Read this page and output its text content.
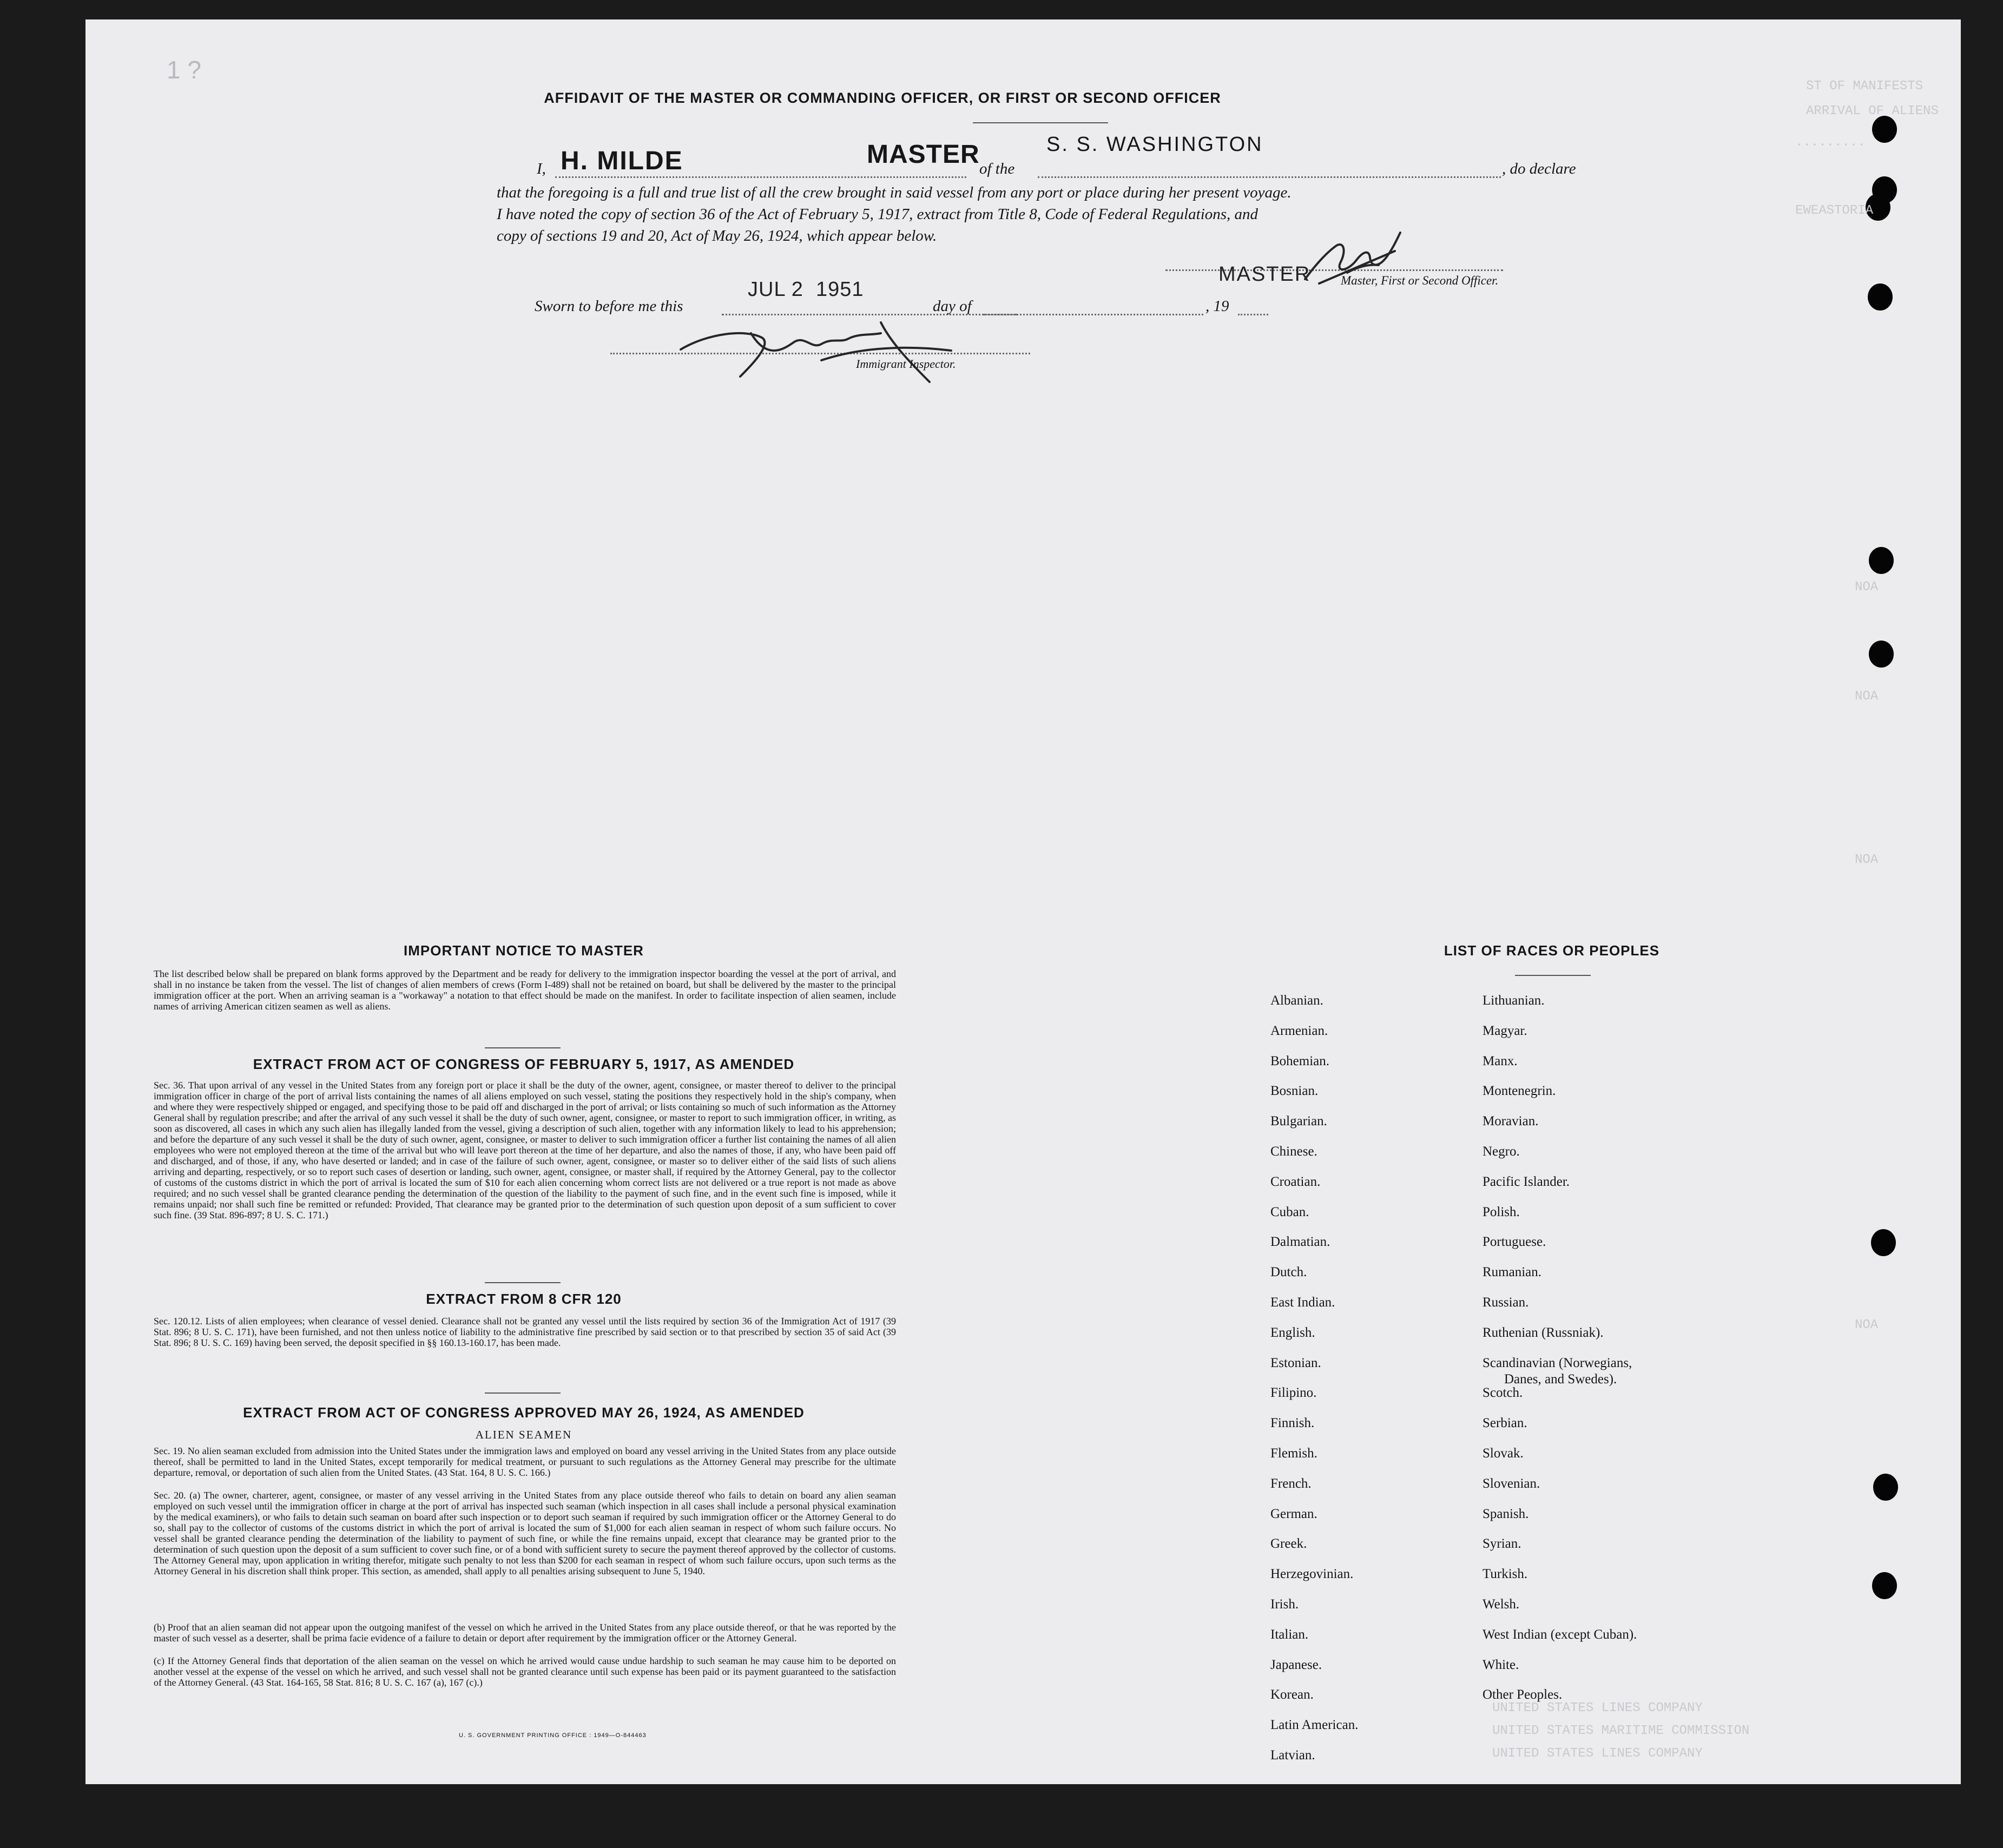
ST OF MANIFESTS
ARRIVAL OF ALIENS
.........
EWEASTORIA
NOA
NOA
NOA
NOA
UNITED STATES LINES COMPANY
UNITED STATES MARITIME COMMISSION
UNITED STATES LINES COMPANY
1 ?
AFFIDAVIT OF THE MASTER OR COMMANDING OFFICER, OR FIRST OR SECOND OFFICER
I, H. MILDE	MASTER of the
S. S. WASHINGTON
, do declare
that the foregoing is a full and true list of all the crew brought in said vessel from any port or place during her present voyage.
I have noted the copy of section 36 of the Act of February 5, 1917, extract from Title 8, Code of Federal Regulations, and
copy of sections 19 and 20, Act of May 26, 1924, which appear below.
MASTER Master, First or Second Officer.
Sworn to before me this
JUL 2  1951
day of	, 19
Immigrant Inspector.
IMPORTANT NOTICE TO MASTER
The list described below shall be prepared on blank forms approved by the Department and be ready for delivery to the immigration inspector boarding the vessel at the port of arrival, and shall in no instance be taken from the vessel. The list of changes of alien members of crews (Form I-489) shall not be retained on board, but shall be delivered by the master to the principal immigration officer at the port. When an arriving seaman is a "workaway" a notation to that effect should be made on the manifest. In order to facilitate inspection of alien seamen, include names of arriving American citizen seamen as well as aliens.
EXTRACT FROM ACT OF CONGRESS OF FEBRUARY 5, 1917, AS AMENDED
Sec. 36. That upon arrival of any vessel in the United States from any foreign port or place it shall be the duty of the owner, agent, consignee, or master thereof to deliver to the principal immigration officer in charge of the port of arrival lists containing the names of all aliens employed on such vessel, stating the positions they respectively hold in the ship's company, when and where they were respectively shipped or engaged, and specifying those to be paid off and discharged in the port of arrival; or lists containing so much of such information as the Attorney General shall by regulation prescribe; and after the arrival of any such vessel it shall be the duty of such owner, agent, consignee, or master to report to such immigration officer, in writing, as soon as discovered, all cases in which any such alien has illegally landed from the vessel, giving a description of such alien, together with any information likely to lead to his apprehension; and before the departure of any such vessel it shall be the duty of such owner, agent, consignee, or master to deliver to such immigration officer a further list containing the names of all alien employees who were not employed thereon at the time of the arrival but who will leave port thereon at the time of her departure, and also the names of those, if any, who have been paid off and discharged, and of those, if any, who have deserted or landed; and in case of the failure of such owner, agent, consignee, or master so to deliver either of the said lists of such aliens arriving and departing, respectively, or so to report such cases of desertion or landing, such owner, agent, consignee, or master shall, if required by the Attorney General, pay to the collector of customs of the customs district in which the port of arrival is located the sum of $10 for each alien concerning whom correct lists are not delivered or a true report is not made as above required; and no such vessel shall be granted clearance pending the determination of the question of the liability to the payment of such fine, and in the event such fine is imposed, while it remains unpaid; nor shall such fine be remitted or refunded: Provided, That clearance may be granted prior to the determination of such question upon deposit of a sum sufficient to cover such fine. (39 Stat. 896-897; 8 U. S. C. 171.)
EXTRACT FROM 8 CFR 120
Sec. 120.12. Lists of alien employees; when clearance of vessel denied. Clearance shall not be granted any vessel until the lists required by section 36 of the Immigration Act of 1917 (39 Stat. 896; 8 U. S. C. 171), have been furnished, and not then unless notice of liability to the administrative fine prescribed by said section or to that prescribed by section 35 of said Act (39 Stat. 896; 8 U. S. C. 169) having been served, the deposit specified in §§ 160.13-160.17, has been made.
EXTRACT FROM ACT OF CONGRESS APPROVED MAY 26, 1924, AS AMENDED
ALIEN SEAMEN
Sec. 19. No alien seaman excluded from admission into the United States under the immigration laws and employed on board any vessel arriving in the United States from any place outside thereof, shall be permitted to land in the United States, except temporarily for medical treatment, or pursuant to such regulations as the Attorney General may prescribe for the ultimate departure, removal, or deportation of such alien from the United States. (43 Stat. 164, 8 U. S. C. 166.)
Sec. 20. (a) The owner, charterer, agent, consignee, or master of any vessel arriving in the United States from any place outside thereof who fails to detain on board any alien seaman employed on such vessel until the immigration officer in charge at the port of arrival has inspected such seaman (which inspection in all cases shall include a personal physical examination by the medical examiners), or who fails to detain such seaman on board after such inspection or to deport such seaman if required by such immigration officer or the Attorney General to do so, shall pay to the collector of customs of the customs district in which the port of arrival is located the sum of $1,000 for each alien seaman in respect of whom such failure occurs. No vessel shall be granted clearance pending the determination of the liability to payment of such fine, or while the fine remains unpaid, except that clearance may be granted prior to the determination of such question upon the deposit of a sum sufficient to cover such fine, or of a bond with sufficient surety to secure the payment thereof approved by the collector of customs. The Attorney General may, upon application in writing therefor, mitigate such penalty to not less than $200 for each seaman in respect of whom such failure occurs, upon such terms as the Attorney General in his discretion shall think proper. This section, as amended, shall apply to all penalties arising subsequent to June 5, 1940.
(b) Proof that an alien seaman did not appear upon the outgoing manifest of the vessel on which he arrived in the United States from any place outside thereof, or that he was reported by the master of such vessel as a deserter, shall be prima facie evidence of a failure to detain or deport after requirement by the immigration officer or the Attorney General.
(c) If the Attorney General finds that deportation of the alien seaman on the vessel on which he arrived would cause undue hardship to such seaman he may cause him to be deported on another vessel at the expense of the vessel on which he arrived, and such vessel shall not be granted clearance until such expense has been paid or its payment guaranteed to the satisfaction of the Attorney General. (43 Stat. 164-165, 58 Stat. 816; 8 U. S. C. 167 (a), 167 (c).)
U. S. GOVERNMENT PRINTING OFFICE : 1949—O-844463
LIST OF RACES OR PEOPLES
Albanian.
Armenian.
Bohemian.
Bosnian.
Bulgarian.
Chinese.
Croatian.
Cuban.
Dalmatian.
Dutch.
East Indian.
English.
Estonian.
Filipino.
Finnish.
Flemish.
French.
German.
Greek.
Herzegovinian.
Irish.
Italian.
Japanese.
Korean.
Latin American.
Latvian.
Lithuanian.
Magyar.
Manx.
Montenegrin.
Moravian.
Negro.
Pacific Islander.
Polish.
Portuguese.
Rumanian.
Russian.
Ruthenian (Russniak).
Scandinavian (Norwegians,
Danes, and Swedes).
Scotch.
Serbian.
Slovak.
Slovenian.
Spanish.
Syrian.
Turkish.
Welsh.
West Indian (except Cuban).
White.
Other Peoples.
